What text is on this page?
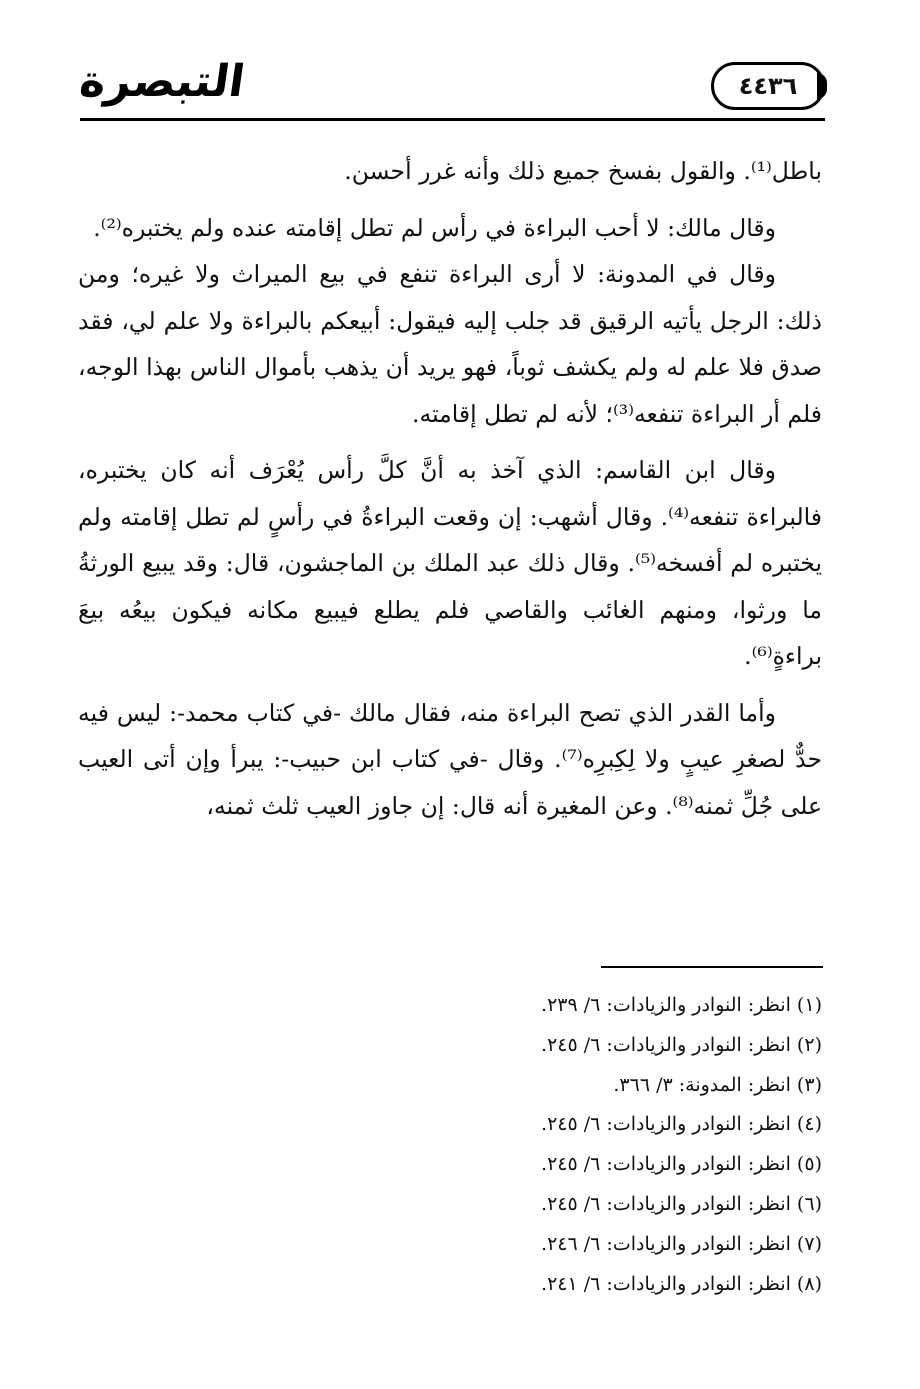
التبصرة	٤٤٣٦

باطل⁽¹⁾. والقول بفسخ جميع ذلك وأنه غرر أحسن.

وقال مالك: لا أحب البراءة في رأس لم تطل إقامته عنده ولم يختبره⁽²⁾.

وقال في المدونة: لا أرى البراءة تنفع في بيع الميراث ولا غيره؛ ومن ذلك: الرجل يأتيه الرقيق قد جلب إليه فيقول: أبيعكم بالبراءة ولا علم لي، فقد صدق فلا علم له ولم يكشف ثوباً، فهو يريد أن يذهب بأموال الناس بهذا الوجه، فلم أر البراءة تنفعه⁽³⁾؛ لأنه لم تطل إقامته.

وقال ابن القاسم: الذي آخذ به أنَّ كلَّ رأس يُعْرَف أنه كان يختبره، فالبراءة تنفعه⁽⁴⁾. وقال أشهب: إن وقعت البراءةُ في رأسٍ لم تطل إقامته ولم يختبره لم أفسخه⁽⁵⁾. وقال ذلك عبد الملك بن الماجشون، قال: وقد يبيع الورثةُ ما ورثوا، ومنهم الغائب والقاصي فلم يطلع فيبيع مكانه فيكون بيعُه بيعَ براءةٍ⁽⁶⁾.

وأما القدر الذي تصح البراءة منه، فقال مالك -في كتاب محمد-: ليس فيه حدٌّ لصغرِ عيبٍ ولا لِكِبرِه⁽⁷⁾. وقال -في كتاب ابن حبيب-: يبرأ وإن أتى العيب على جُلِّ ثمنه⁽⁸⁾. وعن المغيرة أنه قال: إن جاوز العيب ثلث ثمنه،

(١) انظر: النوادر والزيادات: ٦/ ٢٣٩.

(٢) انظر: النوادر والزيادات: ٦/ ٢٤٥.

(٣) انظر: المدونة: ٣/ ٣٦٦.

(٤) انظر: النوادر والزيادات: ٦/ ٢٤٥.

(٥) انظر: النوادر والزيادات: ٦/ ٢٤٥.

(٦) انظر: النوادر والزيادات: ٦/ ٢٤٥.

(٧) انظر: النوادر والزيادات: ٦/ ٢٤٦.

(٨) انظر: النوادر والزيادات: ٦/ ٢٤١.
